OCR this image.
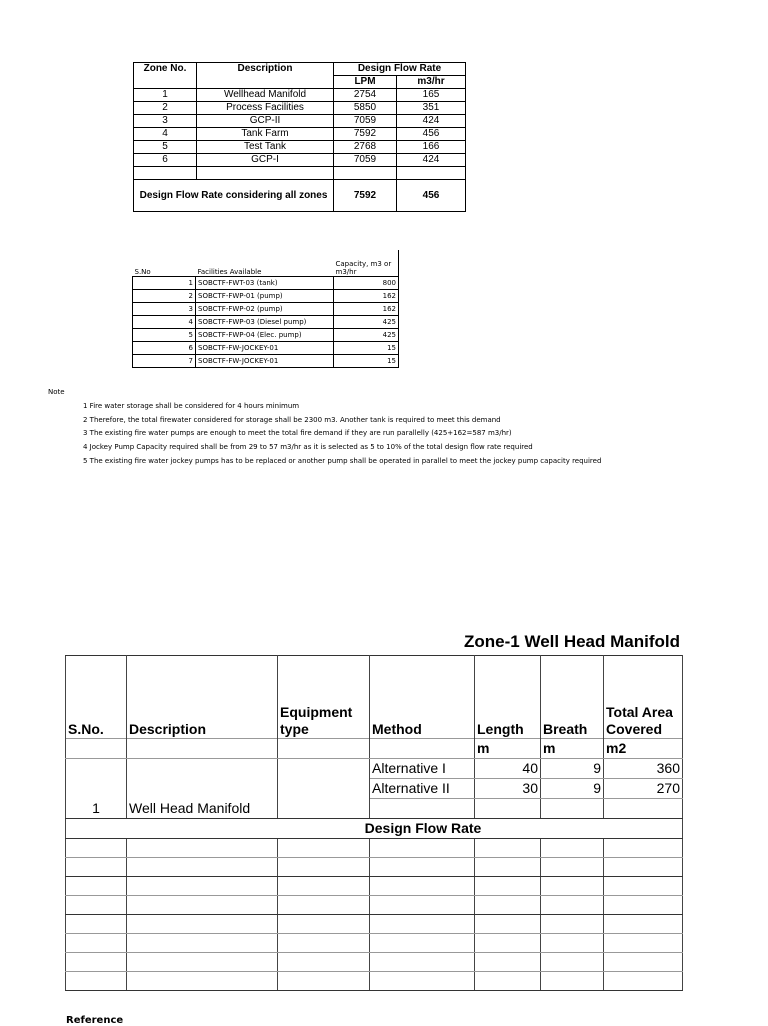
Zone No.	Description	Design Flow Rate	
		LPM	m3/hr
1	Wellhead Manifold	2754	165
2	Process Facilities	5850	351
3	GCP-II	7059	424
4	Tank Farm	7592	456
5	Test Tank	2768	166
6	GCP-I	7059	424

Design Flow Rate considering all zones		7592	456
S.No	Facilities Available	Capacity, m3 or m3/hr
1	SOBCTF-FWT-03 (tank)	800
2	SOBCTF-FWP-01 (pump)	162
3	SOBCTF-FWP-02 (pump)	162
4	SOBCTF-FWP-03 (Diesel pump)	425
5	SOBCTF-FWP-04 (Elec. pump)	425
6	SOBCTF-FW-JOCKEY-01	15
7	SOBCTF-FW-JOCKEY-01	15
Note
1 Fire water storage shall be considered for 4 hours minimum
2 Therefore, the total firewater considered for storage shall be 2300 m3. Another tank is required to meet this demand
3 The existing fire water pumps are enough to meet the total fire demand if they are run parallelly (425+162=587 m3/hr)
4 Jockey Pump Capacity required shall be from 29 to 57 m3/hr as it is selected as 5 to 10% of the total design flow rate required
5 The existing fire water jockey pumps has to be replaced or another pump shall be operated in parallel to meet the jockey pump capacity required
Zone-1 Well Head Manifold
S.No.	Description	Equipment type	Method	Length	Breath	Total Area Covered
				m	m	m2
1	Well Head Manifold		Alternative I	40	9	360
			Alternative II	30	9	270

Design Flow Rate						

Reference
